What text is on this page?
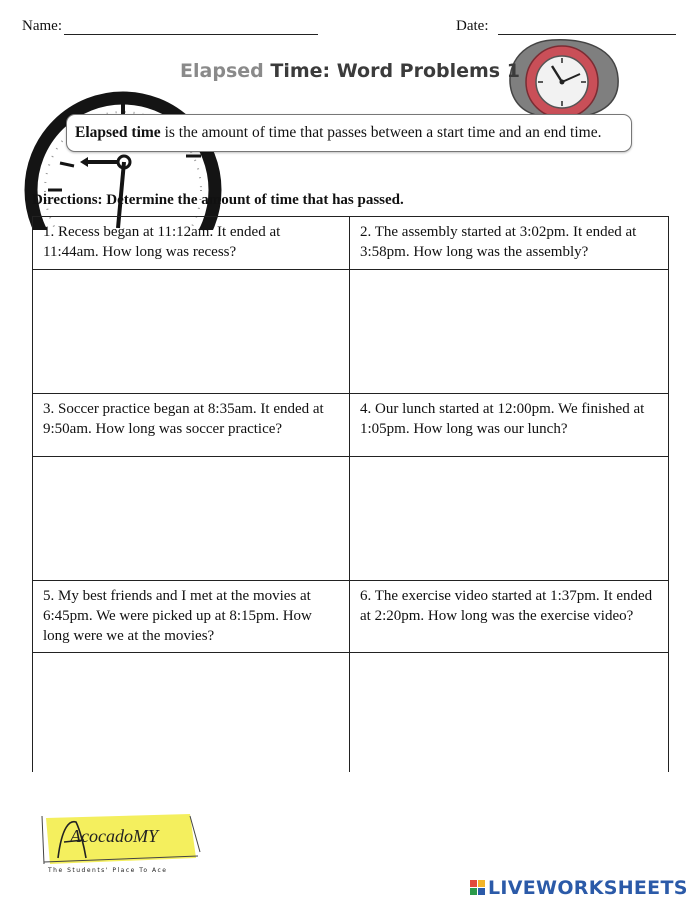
Name:	Date:
Elapsed Time: Word Problems 1
Elapsed time is the amount of time that passes between a start time and an end time.
Directions: Determine the amount of time that has passed.
1. Recess began at 11:12am. It ended at 11:44am. How long was recess?
2. The assembly started at 3:02pm. It ended at 3:58pm. How long was the assembly?
3. Soccer practice began at 8:35am. It ended at 9:50am. How long was soccer practice?
4. Our lunch started at 12:00pm. We finished at 1:05pm. How long was our lunch?
5. My best friends and I met at the movies at 6:45pm. We were picked up at 8:15pm. How long were we at the movies?
6. The exercise video started at 1:37pm. It ended at 2:20pm. How long was the exercise video?
AcocadoMY
The Students' Place To Ace
LIVEWORKSHEETS
